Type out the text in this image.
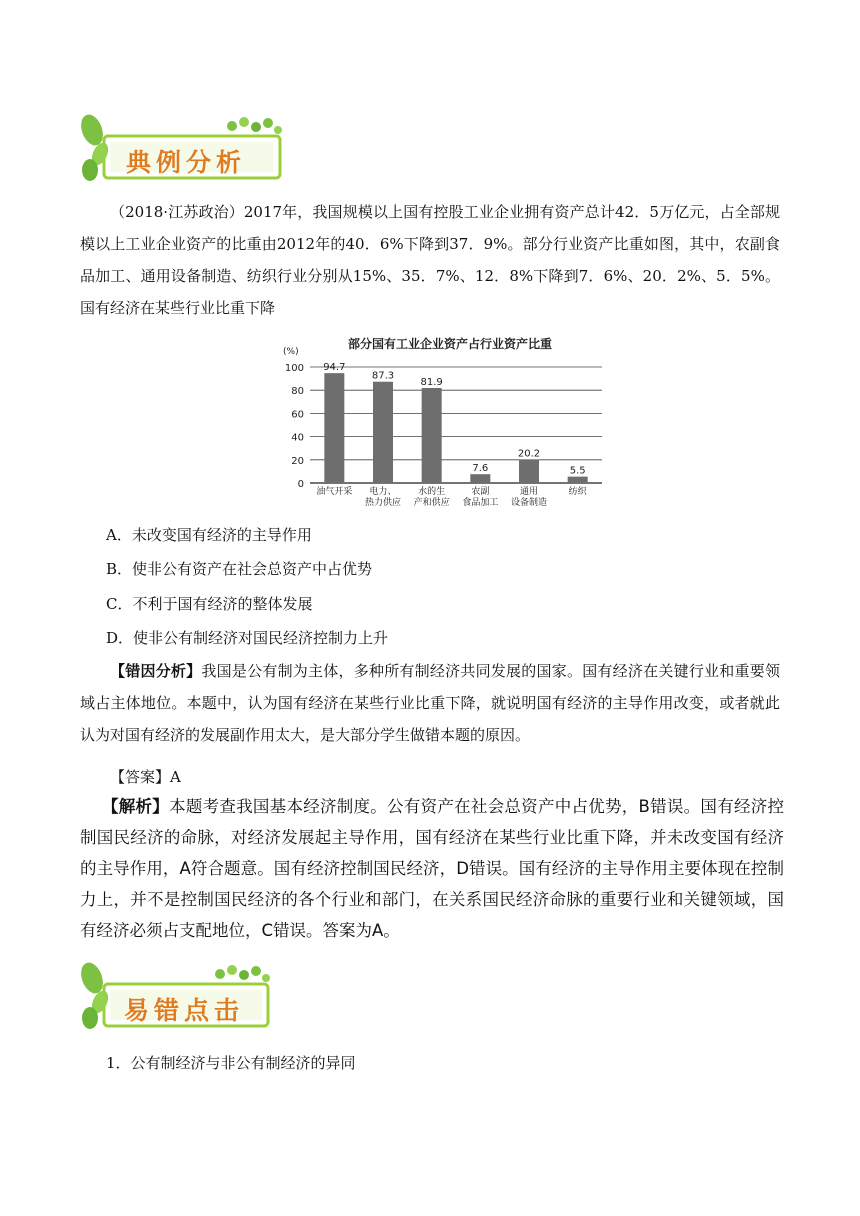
典例分析
（2018·江苏政治）2017年，我国规模以上国有控股工业企业拥有资产总计42．5万亿元，占全部规模以上工业企业资产的比重由2012年的40．6%下降到37．9%。部分行业资产比重如图，其中，农副食品加工、通用设备制造、纺织行业分别从15%、35．7%、12．8%下降到7．6%、20．2%、5．5%。国有经济在某些行业比重下降
部分国有工业企业资产占行业资产比重
(%)
0
20
40
60
80
100 94.7
87.3
81.9
7.6
20.2
5.5
油气开采 电力、
热力供应
水的生
产和供应
农副
食品加工
通用
设备制造
纺织
A．未改变国有经济的主导作用
B．使非公有资产在社会总资产中占优势
C．不利于国有经济的整体发展
D．使非公有制经济对国民经济控制力上升
【错因分析】我国是公有制为主体，多种所有制经济共同发展的国家。国有经济在关键行业和重要领域占主体地位。本题中，认为国有经济在某些行业比重下降，就说明国有经济的主导作用改变，或者就此认为对国有经济的发展副作用太大，是大部分学生做错本题的原因。
【答案】A
【解析】本题考查我国基本经济制度。公有资产在社会总资产中占优势，B错误。国有经济控制国民经济的命脉，对经济发展起主导作用，国有经济在某些行业比重下降，并未改变国有经济的主导作用，A符合题意。国有经济控制国民经济，D错误。国有经济的主导作用主要体现在控制力上，并不是控制国民经济的各个行业和部门，在关系国民经济命脉的重要行业和关键领域，国有经济必须占支配地位，C错误。答案为A。
易错点击
1．公有制经济与非公有制经济的异同
